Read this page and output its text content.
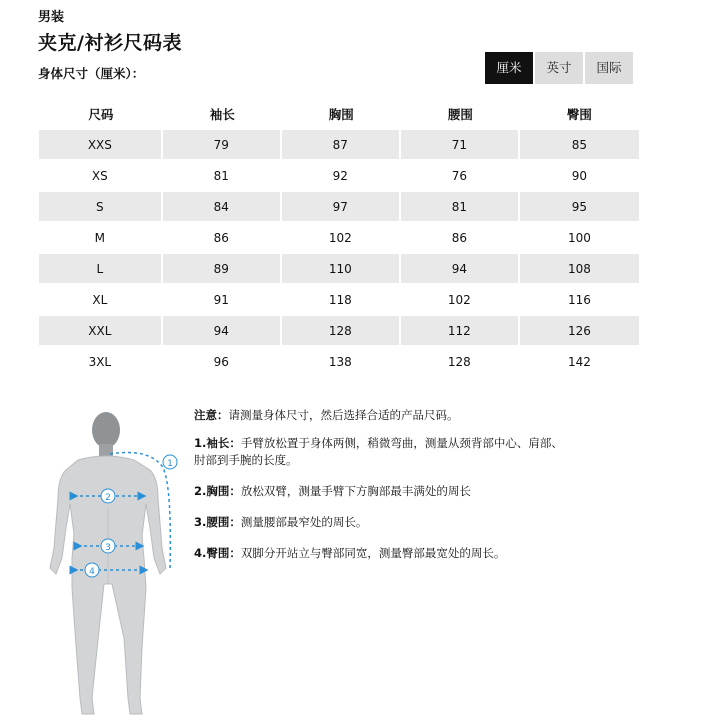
男装
夹克/衬衫尺码表
身体尺寸（厘米）：	厘米	英寸	国际
尺码	袖长	胸围	腰围	臀围
XXS	79	87	71	85
XS	81	92	76	90
S	84	97	81	95
M	86	102	86	100
L	89	110	94	108
XL	91	118	102	116
XXL	94	128	112	126
3XL	96	138	128	142
1
2
3
4

注意：请测量身体尺寸，然后选择合适的产品尺码。

1.袖长：手臂放松置于身体两侧，稍微弯曲，测量从颈背部中心、肩部、肘部到手腕的长度。

2.胸围：放松双臂，测量手臂下方胸部最丰满处的周长

3.腰围：测量腰部最窄处的周长。

4.臀围：双脚分开站立与臀部同宽，测量臀部最宽处的周长。
